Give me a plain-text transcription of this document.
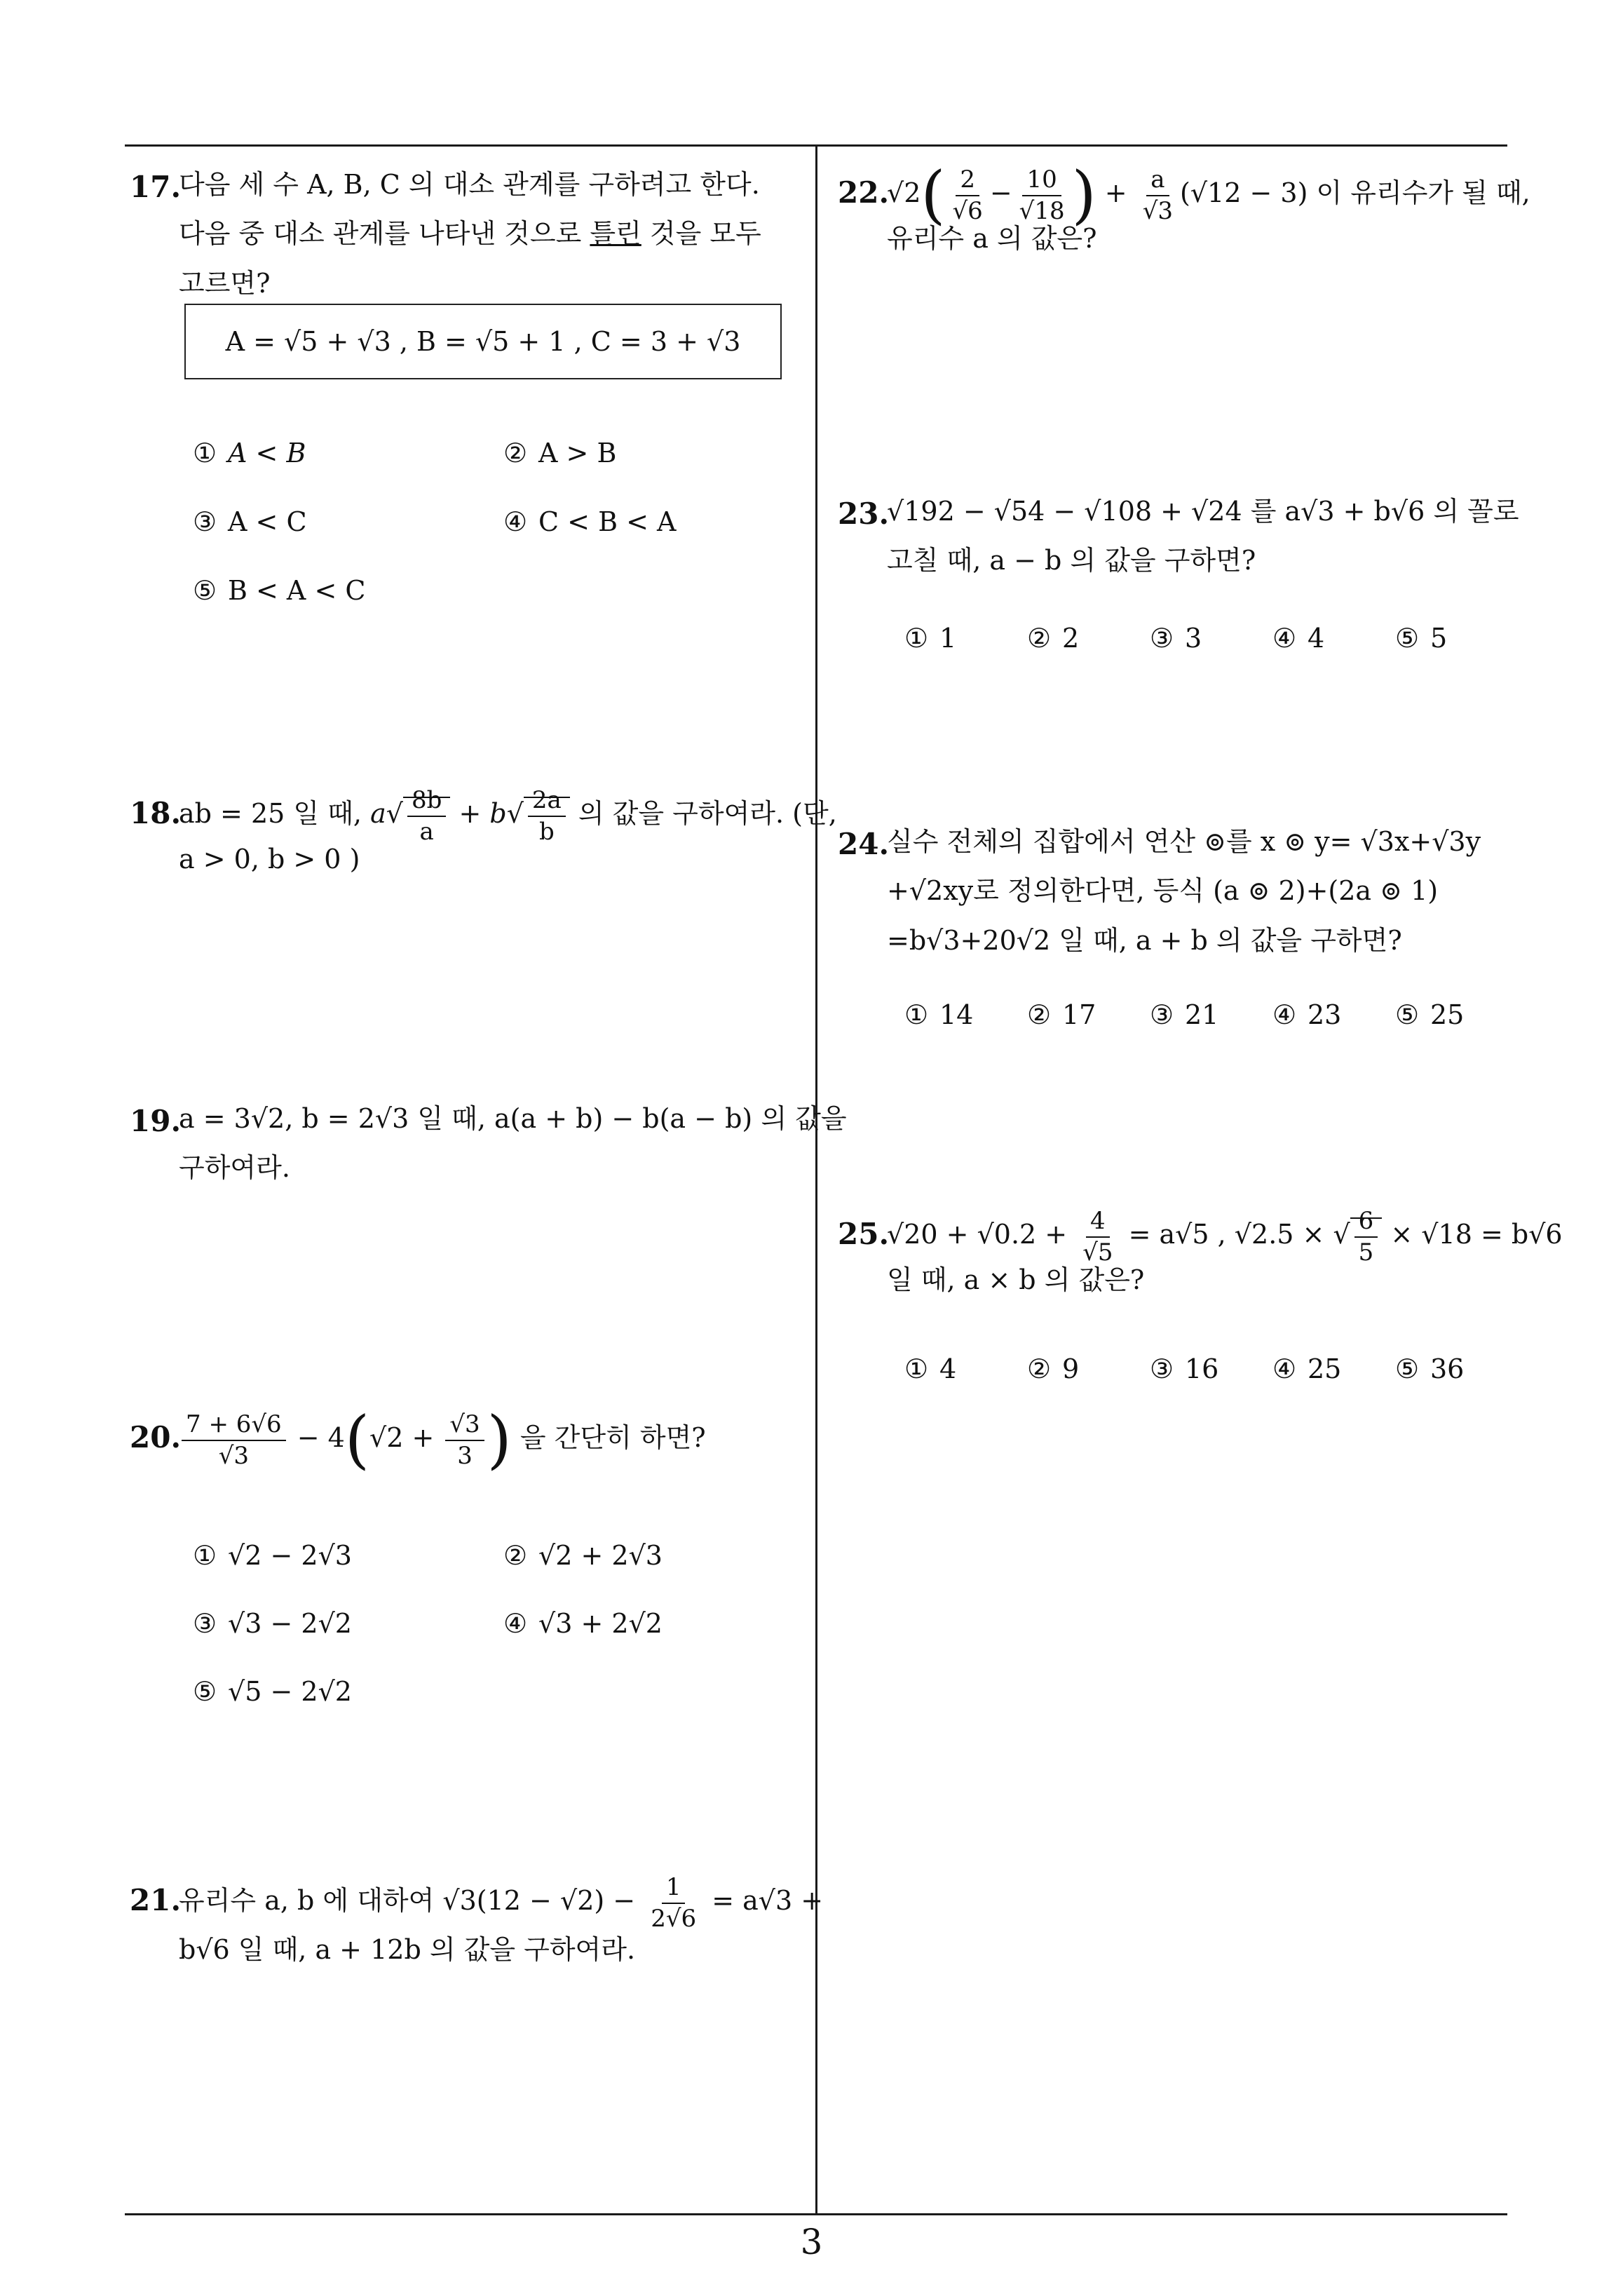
3
17.
다음 세 수 A, B, C 의 대소 관계를 구하려고 한다.
다음 중 대소 관계를 나타낸 것으로 틀린 것을 모두
고르면?
A = √5 + √3 , B = √5 + 1 , C = 3 + √3
① A < B	② A > B
③ A < C	④ C < B < A
⑤ B < A < C
18.
ab = 25 일 때, $a√ \frac{8b}{a} + b√ \frac{2a}{b}$ 의 값을 구하여라. (단,
a > 0, b > 0 )
19.
a = 3√2, b = 2√3 일 때, a(a + b) − b(a − b) 의 값을
구하여라.
20. $\frac{7 + 6√6}{√3} - 4(√2 + \frac{√3}{3}$ ) 을 간단히 하면?
① √2 − 2√3	② √2 + 2√3
③ √3 − 2√2	④ √3 + 2√2
⑤ √5 − 2√2
21.
유리수 a, b 에 대하여 $√3(12 - √2) - \frac{1}{2√6} = a√3$ +
b√6 일 때, a + 12b 의 값을 구하여라.
22.
$√2( \frac{2}{√6} - \frac{10}{√18}$ ) + $\frac{a}{√3} (√12 - 3)$ 이 유리수가 될 때,
유리수 a 의 값은?
23.
√192 − √54 − √108 + √24 를 a√3 + b√6 의 꼴로
고칠 때, a − b 의 값을 구하면?
① 1	② 2	③ 3	④ 4	⑤ 5
24.
실수 전체의 집합에서 연산 ⊚를 x ⊚ y= √3x+√3y
+√2xy로 정의한다면, 등식 (a ⊚ 2)+(2a ⊚ 1)
=b√3+20√2 일 때, a + b 의 값을 구하면?
① 14 ② 17 ③ 21 ④ 23 ⑤ 25
25.
$√20 + √0.2 + \frac{4}{√5} = a√5$ , √2.5 × √ $\frac{6}{5} \times √18 = b√6$
일 때, a × b 의 값은?
① 4	② 9	③ 16 ④ 25 ⑤ 36
